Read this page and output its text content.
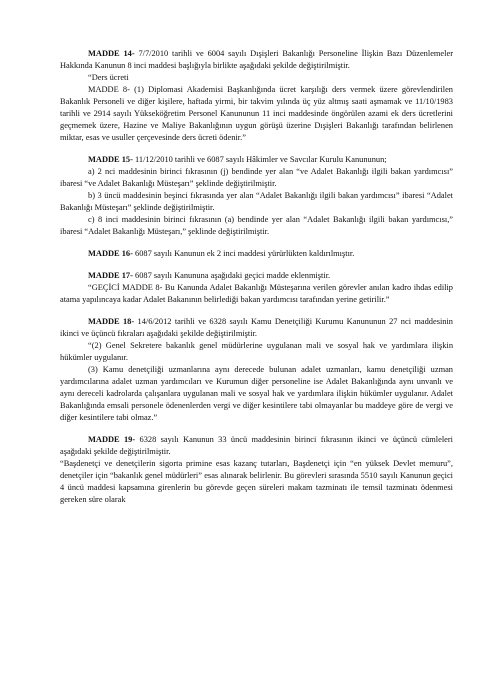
MADDE 14- 7/7/2010 tarihli ve 6004 sayılı Dışişleri Bakanlığı Personeline İlişkin Bazı Düzenlemeler Hakkında Kanunun 8 inci maddesi başlığıyla birlikte aşağıdaki şekilde değiştirilmiştir.

“Ders ücreti

MADDE 8- (1) Diplomasi Akademisi Başkanlığında ücret karşılığı ders vermek üzere görevlendirilen Bakanlık Personeli ve diğer kişilere, haftada yirmi, bir takvim yılında üç yüz altmış saati aşmamak ve 11/10/1983 tarihli ve 2914 sayılı Yükseköğretim Personel Kanununun 11 inci maddesinde öngörülen azami ek ders ücretlerini geçmemek üzere, Hazine ve Maliye Bakanlığının uygun görüşü üzerine Dışişleri Bakanlığı tarafından belirlenen miktar, esas ve usuller çerçevesinde ders ücreti ödenir.”

MADDE 15- 11/12/2010 tarihli ve 6087 sayılı Hâkimler ve Savcılar Kurulu Kanununun;

a) 2 nci maddesinin birinci fıkrasının (j) bendinde yer alan “ve Adalet Bakanlığı ilgili bakan yardımcısı” ibaresi “ve Adalet Bakanlığı Müsteşarı” şeklinde değiştirilmiştir.

b) 3 üncü maddesinin beşinci fıkrasında yer alan “Adalet Bakanlığı ilgili bakan yardımcısı” ibaresi “Adalet Bakanlığı Müsteşarı” şeklinde değiştirilmiştir.

c) 8 inci maddesinin birinci fıkrasının (a) bendinde yer alan “Adalet Bakanlığı ilgili bakan yardımcısı,” ibaresi “Adalet Bakanlığı Müsteşarı,” şeklinde değiştirilmiştir.

MADDE 16- 6087 sayılı Kanunun ek 2 inci maddesi yürürlükten kaldırılmıştır.

MADDE 17- 6087 sayılı Kanununa aşağıdaki geçici madde eklenmiştir.

“GEÇİCİ MADDE 8- Bu Kanunda Adalet Bakanlığı Müsteşarına verilen görevler anılan kadro ihdas edilip atama yapılıncaya kadar Adalet Bakanının belirlediği bakan yardımcısı tarafından yerine getirilir.”

MADDE 18- 14/6/2012 tarihli ve 6328 sayılı Kamu Denetçiliği Kurumu Kanununun 27 nci maddesinin ikinci ve üçüncü fıkraları aşağıdaki şekilde değiştirilmiştir.

“(2) Genel Sekretere bakanlık genel müdürlerine uygulanan mali ve sosyal hak ve yardımlara ilişkin hükümler uygulanır.

(3) Kamu denetçiliği uzmanlarına aynı derecede bulunan adalet uzmanları, kamu denetçiliği uzman yardımcılarına adalet uzman yardımcıları ve Kurumun diğer personeline ise Adalet Bakanlığında aynı unvanlı ve aynı dereceli kadrolarda çalışanlara uygulanan mali ve sosyal hak ve yardımlara ilişkin hükümler uygulanır. Adalet Bakanlığında emsali personele ödenenlerden vergi ve diğer kesintilere tabi olmayanlar bu maddeye göre de vergi ve diğer kesintilere tabi olmaz.”

MADDE 19- 6328 sayılı Kanunun 33 üncü maddesinin birinci fıkrasının ikinci ve üçüncü cümleleri aşağıdaki şekilde değiştirilmiştir.

“Başdenetçi ve denetçilerin sigorta primine esas kazanç tutarları, Başdenetçi için “en yüksek Devlet memuru”, denetçiler için “bakanlık genel müdürleri” esas alınarak belirlenir. Bu görevleri sırasında 5510 sayılı Kanunun geçici 4 üncü maddesi kapsamına girenlerin bu görevde geçen süreleri makam tazminatı ile temsil tazminatı ödenmesi gereken süre olarak
